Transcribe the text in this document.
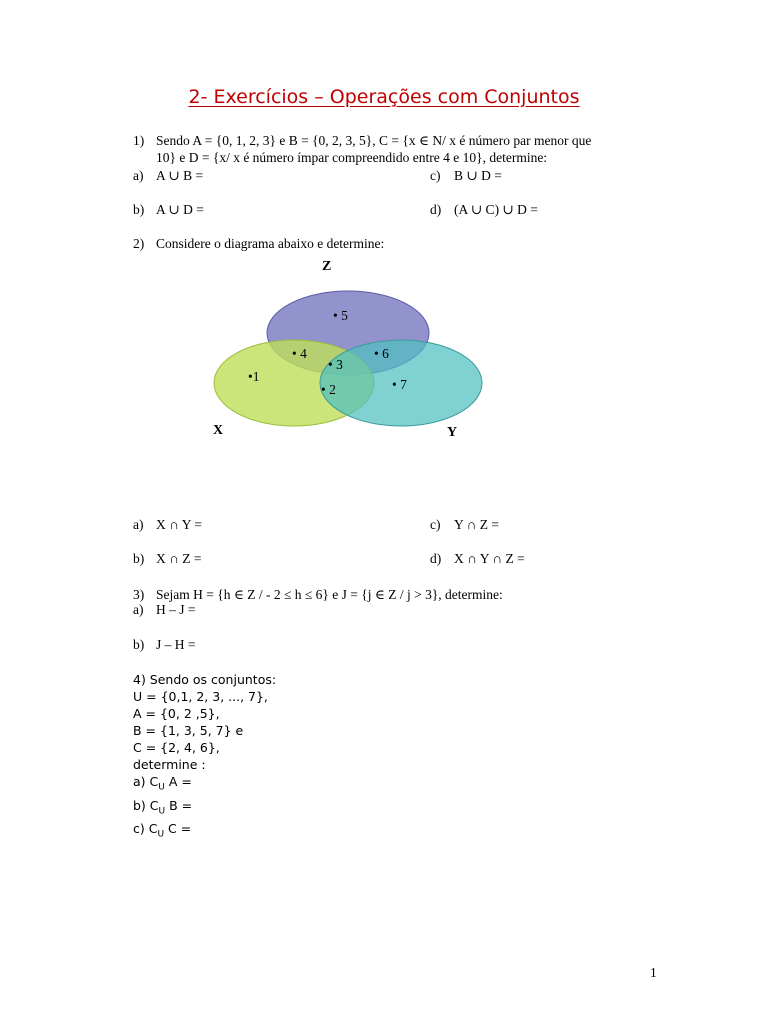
2- Exercícios – Operações com Conjuntos
1) Sendo A = {0, 1, 2, 3} e B = {0, 2, 3, 5}, C = {x ∈ N/ x é número par menor que
10} e D = {x/ x é número ímpar compreendido entre 4 e 10}, determine:
a) A ∪ B =	c) B ∪ D =
b) A ∪ D =	d) (A ∪ C) ∪ D =
2) Considere o diagrama abaixo e determine:
Z
X	Y
• 5
• 4
• 3
• 6
•1
• 2	• 7
a) X ∩ Y =	c) Y ∩ Z =
b) X ∩ Z =	d) X ∩ Y ∩ Z =
3) Sejam H = {h ∈ Z / - 2 ≤ h ≤ 6} e J = {j ∈ Z / j > 3}, determine:
a) H – J =
b) J – H =
4) Sendo os conjuntos:
U = {0,1, 2, 3, ..., 7},
A = {0, 2 ,5},
B = {1, 3, 5, 7} e
C = {2, 4, 6},
determine :
a) $C_U$ A =
b) $C_U$ B =
c) $C_U$ C =
1
